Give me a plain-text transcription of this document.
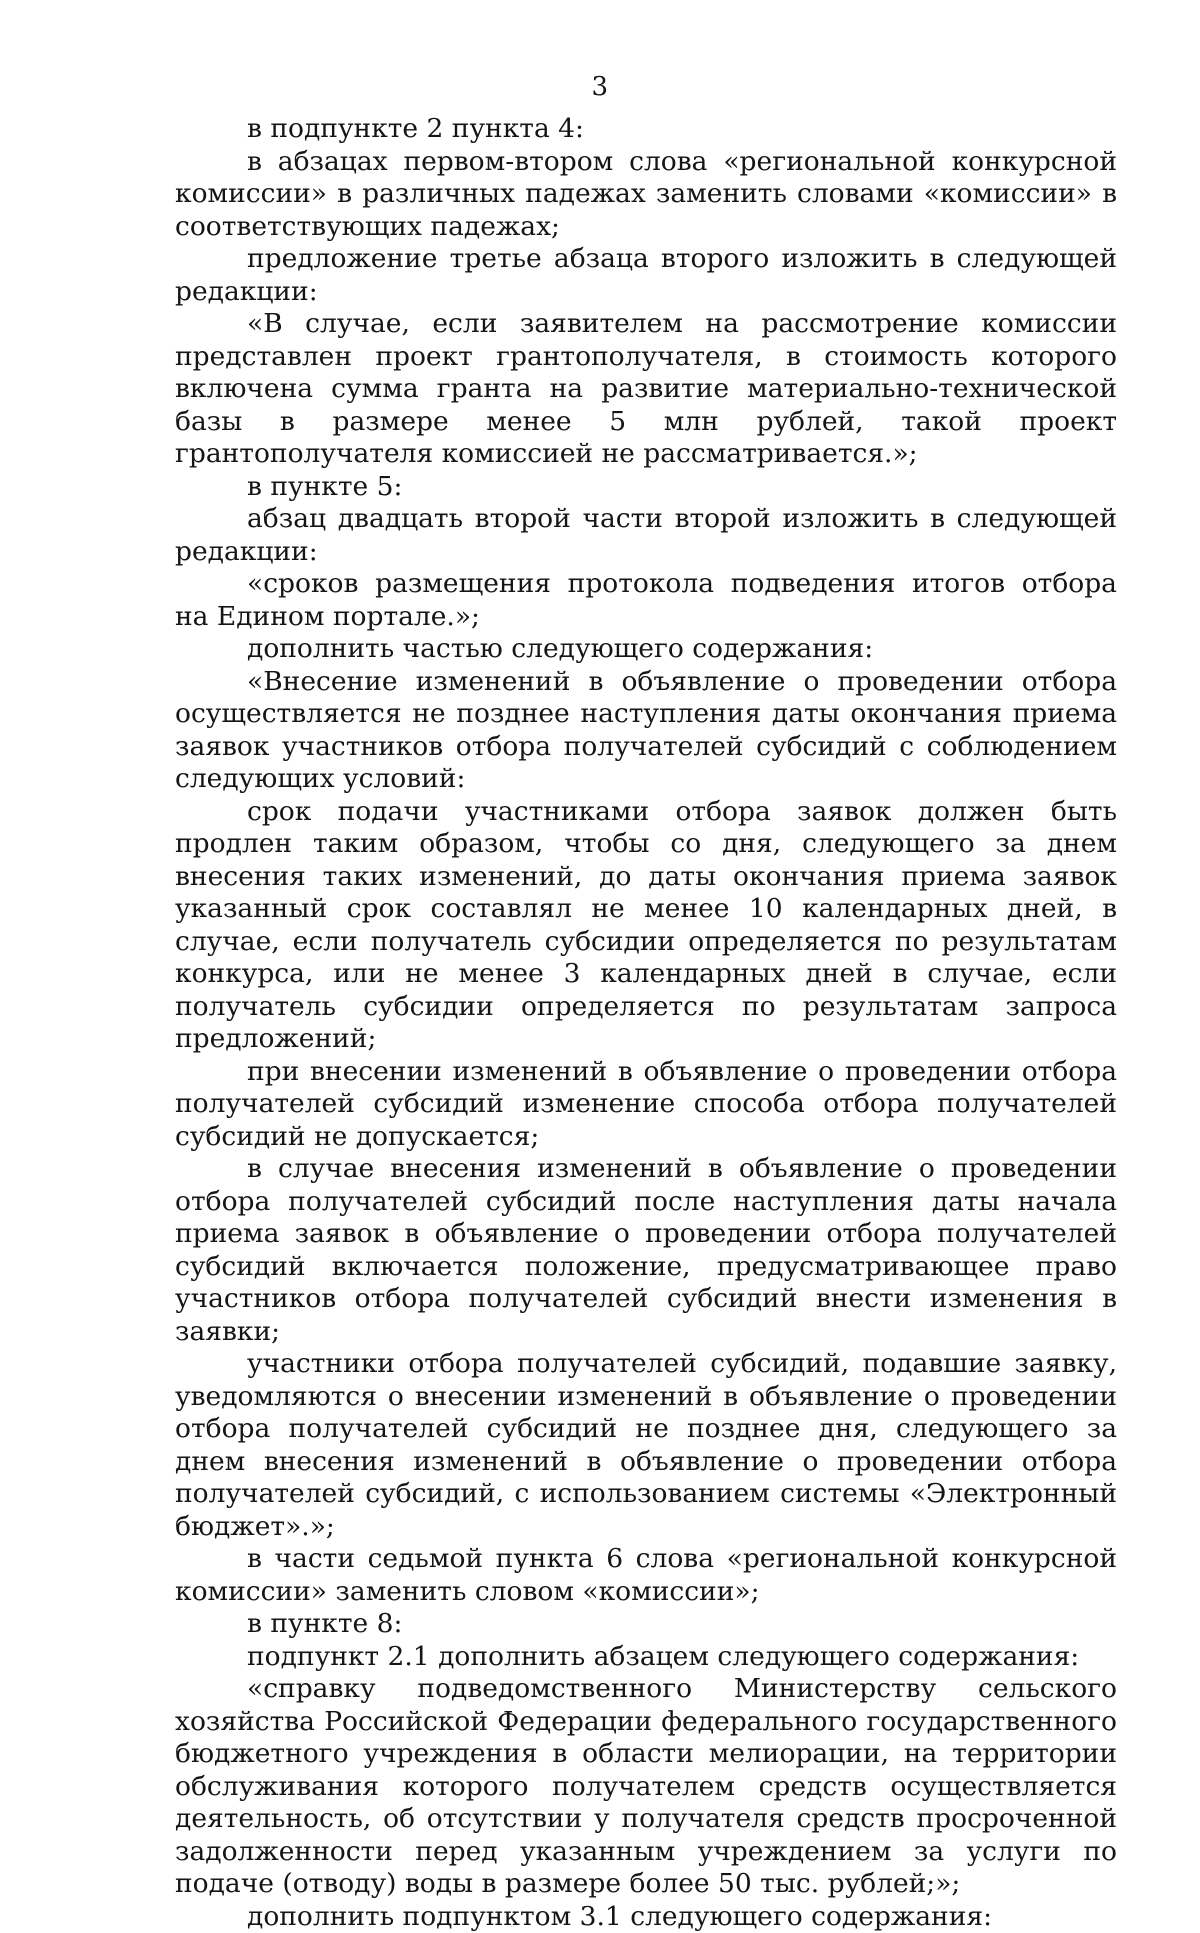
3

в подпункте 2 пункта 4:

в абзацах первом-втором слова «региональной конкурсной комиссии» в различных падежах заменить словами «комиссии» в соответствующих падежах;

предложение третье абзаца второго изложить в следующей редакции:

«В случае, если заявителем на рассмотрение комиссии представлен проект грантополучателя, в стоимость которого включена сумма гранта на развитие материально-технической базы в размере менее 5 млн рублей, такой проект грантополучателя комиссией не рассматривается.»;

в пункте 5:

абзац двадцать второй части второй изложить в следующей редакции:

«сроков размещения протокола подведения итогов отбора на Едином портале.»;

дополнить частью следующего содержания:

«Внесение изменений в объявление о проведении отбора осуществляется не позднее наступления даты окончания приема заявок участников отбора получателей субсидий с соблюдением следующих условий:

срок подачи участниками отбора заявок должен быть продлен таким образом, чтобы со дня, следующего за днем внесения таких изменений, до даты окончания приема заявок указанный срок составлял не менее 10 календарных дней, в случае, если получатель субсидии определяется по результатам конкурса, или не менее 3 календарных дней в случае, если получатель субсидии определяется по результатам запроса предложений;

при внесении изменений в объявление о проведении отбора получателей субсидий изменение способа отбора получателей субсидий не допускается;

в случае внесения изменений в объявление о проведении отбора получателей субсидий после наступления даты начала приема заявок в объявление о проведении отбора получателей субсидий включается положение, предусматривающее право участников отбора получателей субсидий внести изменения в заявки;

участники отбора получателей субсидий, подавшие заявку, уведомляются о внесении изменений в объявление о проведении отбора получателей субсидий не позднее дня, следующего за днем внесения изменений в объявление о проведении отбора получателей субсидий, с использованием системы «Электронный бюджет».»;

в части седьмой пункта 6 слова «региональной конкурсной комиссии» заменить словом «комиссии»;

в пункте 8:

подпункт 2.1 дополнить абзацем следующего содержания:

«справку подведомственного Министерству сельского хозяйства Российской Федерации федерального государственного бюджетного учреждения в области мелиорации, на территории обслуживания которого получателем средств осуществляется деятельность, об отсутствии у получателя средств просроченной задолженности перед указанным учреждением за услуги по подаче (отводу) воды в размере более 50 тыс. рублей;»;

дополнить подпунктом 3.1 следующего содержания:
